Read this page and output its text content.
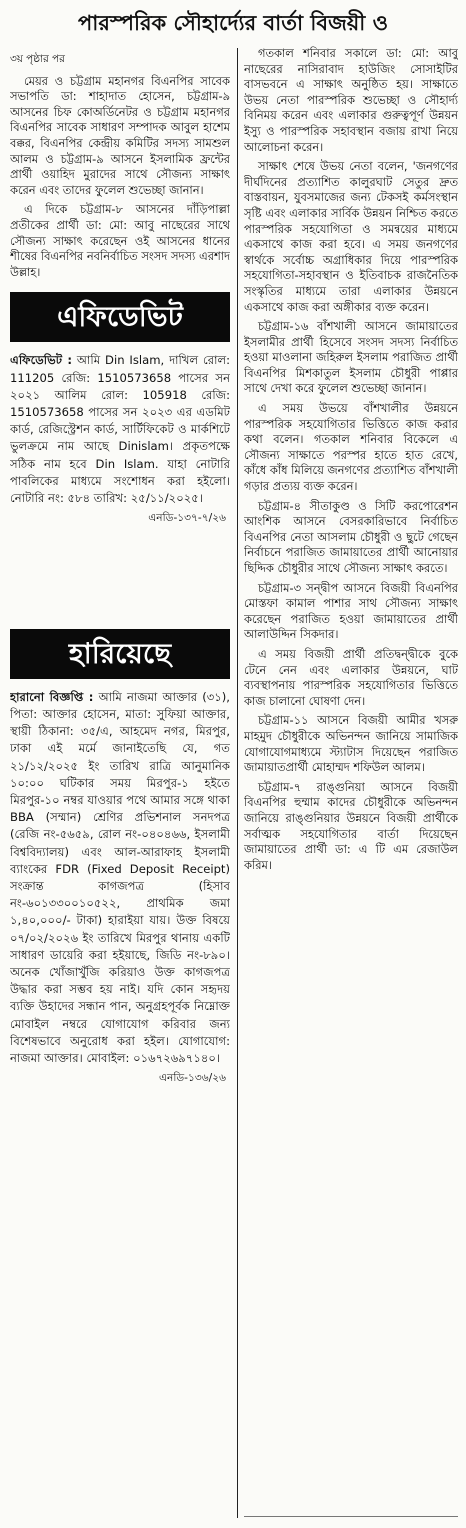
পারস্পরিক সৌহার্দ্যের বার্তা বিজয়ী ও

৩য় পৃষ্ঠার পর

মেয়র ও চট্টগ্রাম মহানগর বিএনপির সাবেক সভাপতি ডা: শাহাদাত হোসেন, চট্টগ্রাম-৯ আসনের চিফ কোঅর্ডিনেটর ও চট্টগ্রাম মহানগর বিএনপির সাবেক সাধারণ সম্পাদক আবুল হাশেম বক্কর, বিএনপির কেন্দ্রীয় কমিটির সদস্য সামশুল আলম ও চট্টগ্রাম-৯ আসনে ইসলামিক ফ্রন্টের প্রার্থী ওয়াহিদ মুরাদের সাথে সৌজন্য সাক্ষাৎ করেন এবং তাদের ফুলেল শুভেচ্ছা জানান।

এ দিকে চট্টগ্রাম-৮ আসনের দাঁড়িপাল্লা প্রতীকের প্রার্থী ডা: মো: আবু নাছেরের সাথে সৌজন্য সাক্ষাৎ করেছেন ওই আসনের ধানের শীষের বিএনপির নবনির্বাচিত সংসদ সদস্য এরশাদ উল্লাহ।

এফিডেভিট

এফিডেভিট : আমি Din Islam, দাখিল রোল: 111205 রেজি: 1510573658 পাসের সন ২০২১ আলিম রোল: 105918 রেজি: 1510573658 পাসের সন ২০২৩ এর এডমিট কার্ড, রেজিস্ট্রেশন কার্ড, সার্টিফিকেট ও মার্কশিটে ভুলক্রমে নাম আছে Dinislam। প্রকৃতপক্ষে সঠিক নাম হবে Din Islam. যাহা নোটারি পাবলিকের মাধ্যমে সংশোধন করা হইলো। নোটারি নং: ৫৮৪ তারিখ: ২৫/১১/২০২৫।

এনডি-১৩৭-৭/২৬
হারিয়েছে

হারানো বিজ্ঞপ্তি : আমি নাজমা আক্তার (৩১), পিতা: আক্তার হোসেন, মাতা: সুফিয়া আক্তার, স্থায়ী ঠিকানা: ৩৫/এ, আহমেদ নগর, মিরপুর, ঢাকা এই মর্মে জানাইতেছি যে, গত ২১/১২/২০২৫ ইং তারিখ রাত্রি আনুমানিক ১০:০০ ঘটিকার সময় মিরপুর-১ হইতে মিরপুর-১০ নম্বর যাওয়ার পথে আমার সঙ্গে থাকা BBA (সম্মান) শ্রেণির প্রভিশনাল সনদপত্র (রেজি নং-৫৬৫৯, রোল নং-০৪০৪৬৬, ইসলামী বিশ্ববিদ্যালয়) এবং আল-আরাফাহ ইসলামী ব্যাংকের FDR (Fixed Deposit Receipt) সংক্রান্ত কাগজপত্র (হিসাব নং-৬০১৩৩০০১০৫২২, প্রাথমিক জমা ১,৪০,০০০/- টাকা) হারাইয়া যায়। উক্ত বিষয়ে ০৭/০২/২০২৬ ইং তারিখে মিরপুর থানায় একটি সাধারণ ডায়েরি করা হইয়াছে, জিডি নং-৮৯০। অনেক খোঁজাখুঁজি করিয়াও উক্ত কাগজপত্র উদ্ধার করা সম্ভব হয় নাই। যদি কোন সহৃদয় ব্যক্তি উহাদের সন্ধান পান, অনুগ্রহপূর্বক নিম্নোক্ত মোবাইল নম্বরে যোগাযোগ করিবার জন্য বিশেষভাবে অনুরোধ করা হইল। যোগাযোগ: নাজমা আক্তার। মোবাইল: ০১৬৭২৬৯৭১৪০।

এনডি-১৩৬/২৬

গতকাল শনিবার সকালে ডা: মো: আবু নাছেরের নাসিরাবাদ হাউজিং সোসাইটির বাসভবনে এ সাক্ষাৎ অনুষ্ঠিত হয়। সাক্ষাতে উভয় নেতা পারস্পরিক শুভেচ্ছা ও সৌহার্দ্য বিনিময় করেন এবং এলাকার গুরুত্বপূর্ণ উন্নয়ন ইস্যু ও পারস্পরিক সহাবস্থান বজায় রাখা নিয়ে আলোচনা করেন।

সাক্ষাৎ শেষে উভয় নেতা বলেন, 'জনগণের দীর্ঘদিনের প্রত্যাশিত কালুরঘাট সেতুর দ্রুত বাস্তবায়ন, যুবসমাজের জন্য টেকসই কর্মসংস্থান সৃষ্টি এবং এলাকার সার্বিক উন্নয়ন নিশ্চিত করতে পারস্পরিক সহযোগিতা ও সমন্বয়ের মাধ্যমে একসাথে কাজ করা হবে। এ সময় জনগণের স্বার্থকে সর্বোচ্চ অগ্রাধিকার দিয়ে পারস্পরিক সহযোগিতা-সহাবস্থান ও ইতিবাচক রাজনৈতিক সংস্কৃতির মাধ্যমে তারা এলাকার উন্নয়নে একসাথে কাজ করা অঙ্গীকার ব্যক্ত করেন।

চট্টগ্রাম-১৬ বাঁশখালী আসনে জামায়াতের ইসলামীর প্রার্থী হিসেবে সংসদ সদস্য নির্বাচিত হওয়া মাওলানা জহিরুল ইসলাম পরাজিত প্রার্থী বিএনপির মিশকাতুল ইসলাম চৌধুরী পাপ্পার সাথে দেখা করে ফুলেল শুভেচ্ছা জানান।

এ সময় উভয়ে বাঁশখালীর উন্নয়নে পারস্পরিক সহযোগিতার ভিত্তিতে কাজ করার কথা বলেন। গতকাল শনিবার বিকেলে এ সৌজন্য সাক্ষাতে পরস্পর হাতে হাত রেখে, কাঁধে কাঁধ মিলিয়ে জনগণের প্রত্যাশিত বাঁশখালী গড়ার প্রত্যয় ব্যক্ত করেন।

চট্টগ্রাম-৪ সীতাকুণ্ড ও সিটি করপোরেশন আংশিক আসনে বেসরকারিভাবে নির্বাচিত বিএনপির নেতা আসলাম চৌধুরী ও ছুটে গেছেন নির্বাচনে পরাজিত জামায়াতের প্রার্থী আনোয়ার ছিদ্দিক চৌধুরীর সাথে সৌজন্য সাক্ষাৎ করতে।

চট্টগ্রাম-৩ সন্দ্বীপ আসনে বিজয়ী বিএনপির মোস্তফা কামাল পাশার সাথ সৌজন্য সাক্ষাৎ করেছেন পরাজিত হওয়া জামায়াতের প্রার্থী আলাউদ্দিন সিকদার।

এ সময় বিজয়ী প্রার্থী প্রতিদ্বন্দ্বীকে বুকে টেনে নেন এবং এলাকার উন্নয়নে, ঘাট ব্যবস্থাপনায় পারস্পরিক সহযোগিতার ভিত্তিতে কাজ চালানো ঘোষণা দেন।

চট্টগ্রাম-১১ আসনে বিজয়ী আমীর খসরু মাহমুদ চৌধুরীকে অভিনন্দন জানিয়ে সামাজিক যোগাযোগমাধ্যমে স্ট্যাটাস দিয়েছেন পরাজিত জামায়াতপ্রার্থী মোহাম্মদ শফিউল আলম।

চট্টগ্রাম-৭ রাঙ্গুনিয়া আসনে বিজয়ী বিএনপির হুম্মাম কাদের চৌধুরীকে অভিনন্দন জানিয়ে রাঙ্গুনিয়ার উন্নয়নে বিজয়ী প্রার্থীকে সর্বাত্মক সহযোগিতার বার্তা দিয়েছেন জামায়াতের প্রার্থী ডা: এ টি এম রেজাউল করিম।
